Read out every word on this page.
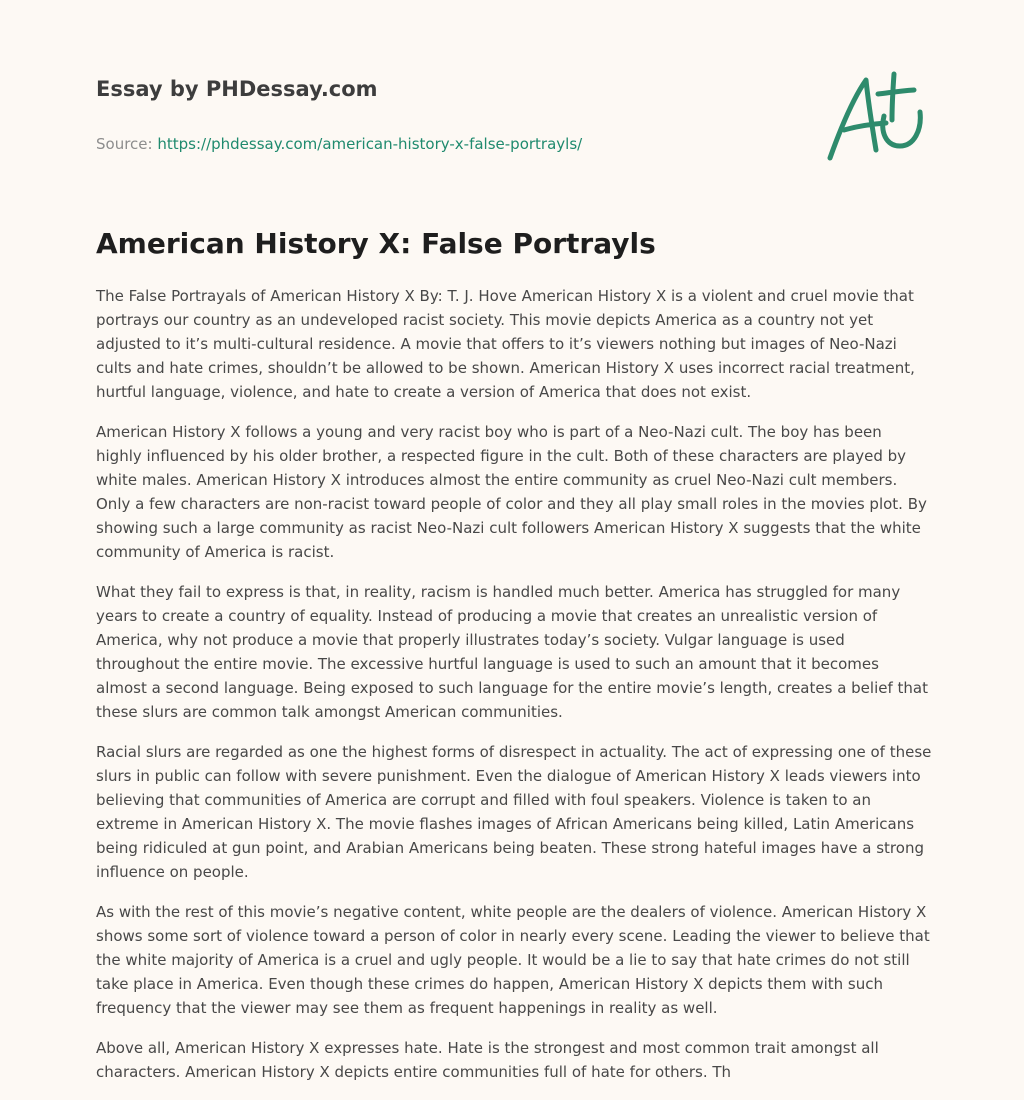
Essay by PHDessay.com
Source: https://phdessay.com/american-history-x-false-portrayls/
American History X: False Portrayls

The False Portrayals of American History X By: T. J. Hove American History X is a violent and cruel movie that portrays our country as an undeveloped racist society. This movie depicts America as a country not yet adjusted to it’s multi-cultural residence. A movie that offers to it’s viewers nothing but images of Neo-Nazi cults and hate crimes, shouldn’t be allowed to be shown. American History X uses incorrect racial treatment, hurtful language, violence, and hate to create a version of America that does not exist.

American History X follows a young and very racist boy who is part of a Neo-Nazi cult. The boy has been highly influenced by his older brother, a respected figure in the cult. Both of these characters are played by white males. American History X introduces almost the entire community as cruel Neo-Nazi cult members. Only a few characters are non-racist toward people of color and they all play small roles in the movies plot. By showing such a large community as racist Neo-Nazi cult followers American History X suggests that the white community of America is racist.

What they fail to express is that, in reality, racism is handled much better. America has struggled for many years to create a country of equality. Instead of producing a movie that creates an unrealistic version of America, why not produce a movie that properly illustrates today’s society. Vulgar language is used throughout the entire movie. The excessive hurtful language is used to such an amount that it becomes almost a second language. Being exposed to such language for the entire movie’s length, creates a belief that these slurs are common talk amongst American communities.

Racial slurs are regarded as one the highest forms of disrespect in actuality. The act of expressing one of these slurs in public can follow with severe punishment. Even the dialogue of American History X leads viewers into believing that communities of America are corrupt and filled with foul speakers. Violence is taken to an extreme in American History X. The movie flashes images of African Americans being killed, Latin Americans being ridiculed at gun point, and Arabian Americans being beaten. These strong hateful images have a strong influence on people.

As with the rest of this movie’s negative content, white people are the dealers of violence. American History X shows some sort of violence toward a person of color in nearly every scene. Leading the viewer to believe that the white majority of America is a cruel and ugly people. It would be a lie to say that hate crimes do not still take place in America. Even though these crimes do happen, American History X depicts them with such frequency that the viewer may see them as frequent happenings in reality as well.

Above all, American History X expresses hate. Hate is the strongest and most common trait amongst all characters. American History X depicts entire communities full of hate for others. Th
